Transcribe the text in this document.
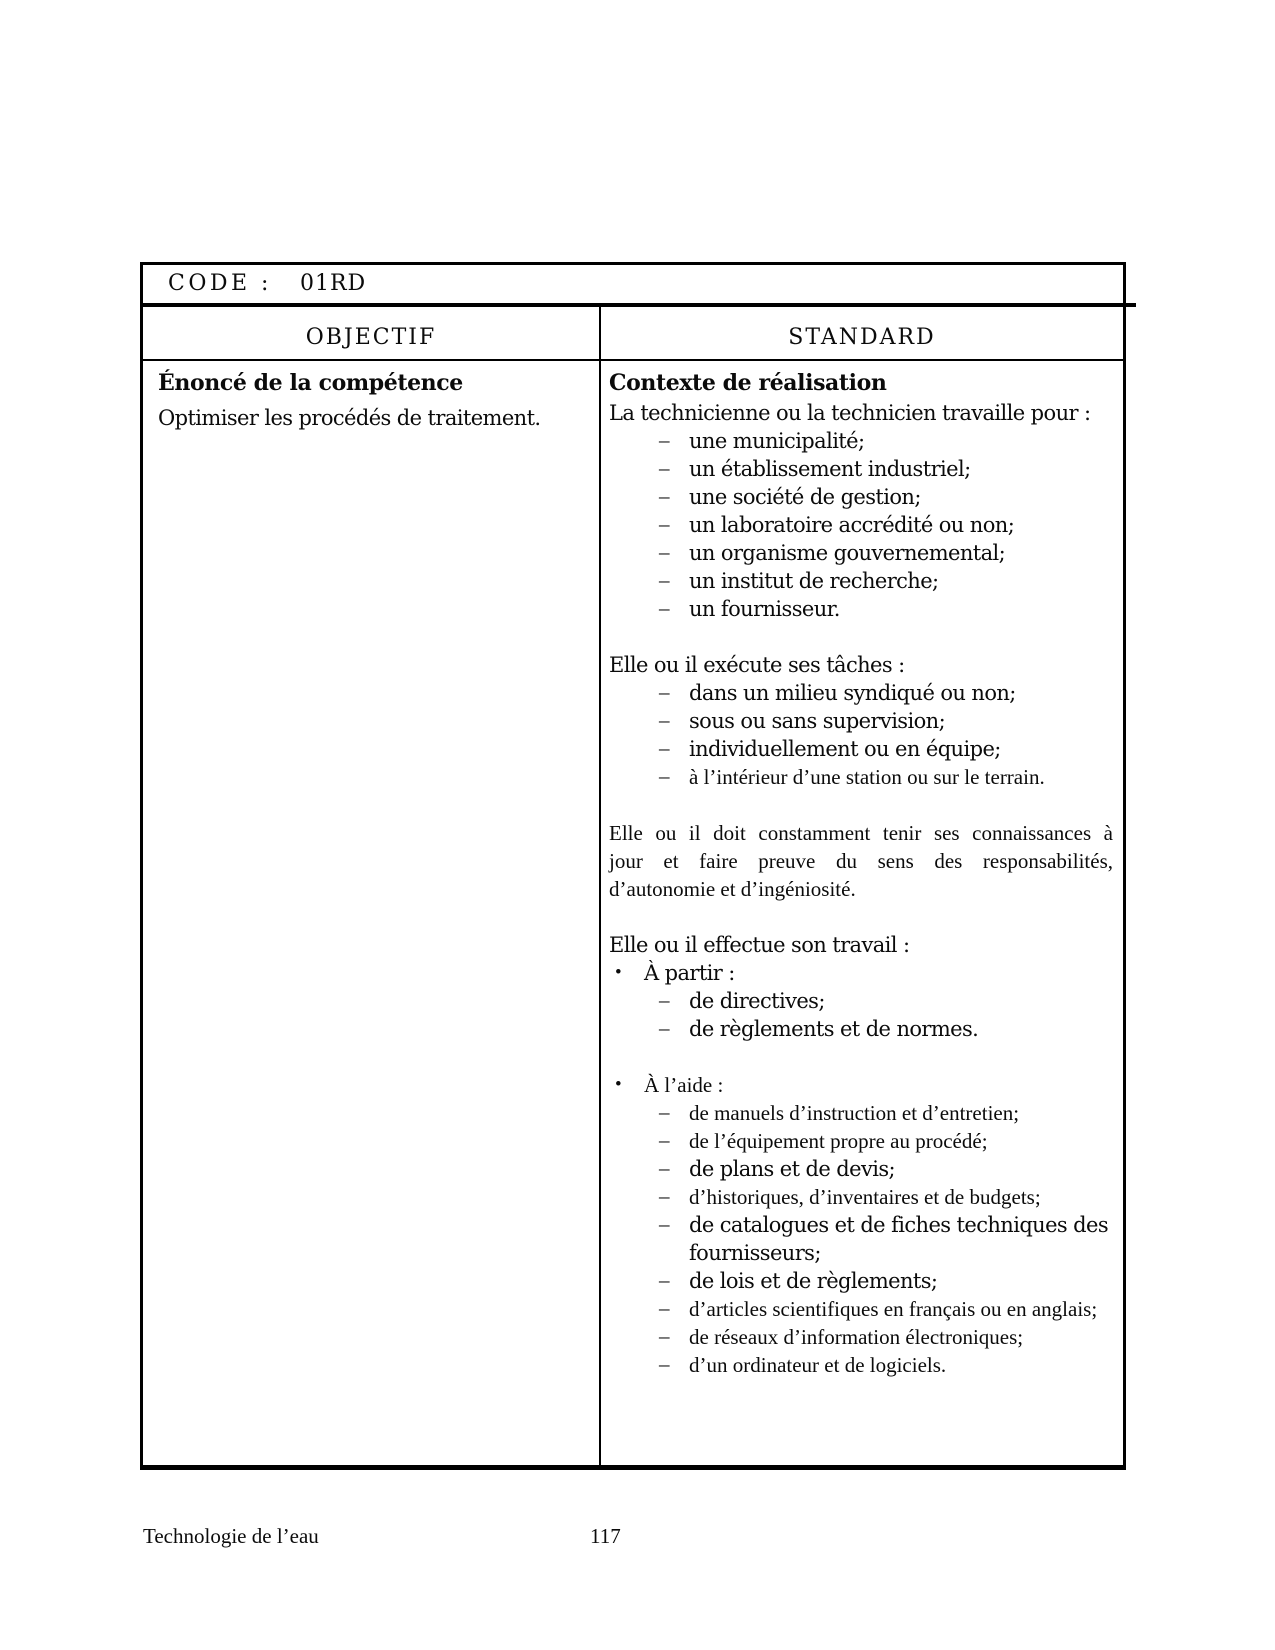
CODE : 01RD
OBJECTIF	STANDARD
Énoncé de la compétence
Optimiser les procédés de traitement.
Contexte de réalisation

La technicienne ou la technicien travaille pour :

– une municipalité;
– un établissement industriel;
– une société de gestion;
– un laboratoire accrédité ou non;
– un organisme gouvernemental;
– un institut de recherche;
– un fournisseur.

Elle ou il exécute ses tâches :

– dans un milieu syndiqué ou non;
– sous ou sans supervision;
– individuellement ou en équipe;
– à l’intérieur d’une station ou sur le terrain.
Elle ou il doit constamment tenir ses connaissances à
jour et faire preuve du sens des responsabilités,
d’autonomie et d’ingéniosité.

Elle ou il effectue son travail :

• À partir :
– de directives;
– de règlements et de normes.
• À l’aide :
– de manuels d’instruction et d’entretien;
– de l’équipement propre au procédé;
– de plans et de devis;
– d’historiques, d’inventaires et de budgets;
– de catalogues et de fiches techniques des fournisseurs;
– de lois et de règlements;
– d’articles scientifiques en français ou en anglais;
– de réseaux d’information électroniques;
– d’un ordinateur et de logiciels.
Technologie de l’eau	117
